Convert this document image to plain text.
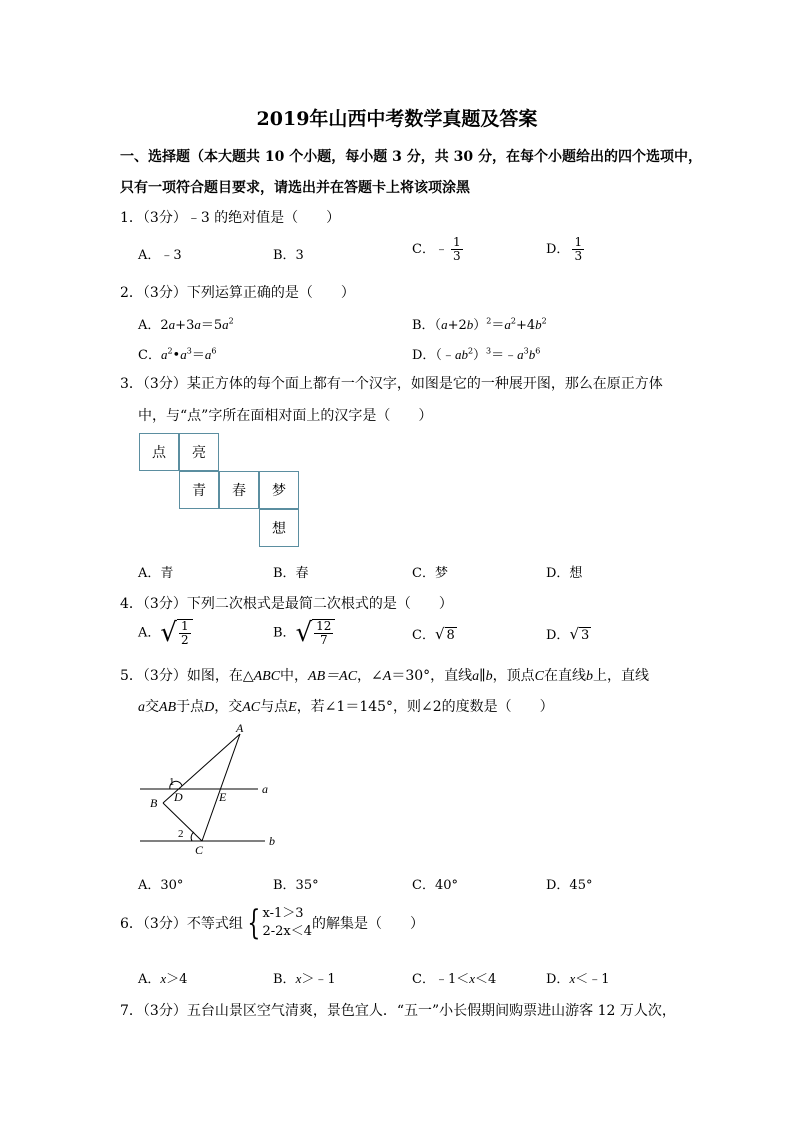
2019年山西中考数学真题及答案
一、选择题（本大题共 10 个小题，每小题 3 分，共 30 分，在每个小题给出的四个选项中，
只有一项符合题目要求，请选出并在答题卡上将该项涂黑
1．（3分）﹣3 的绝对值是（　　）
A．﹣3	B．3	C．﹣ $\frac{1}{3}$	D． $\frac{1}{3}$
2．（3分）下列运算正确的是（　　）
A．$2a+3a=5a^2$	B．$(a+2b)^2=a^2+4b^2$
C．$a^2•a^3=a^6$	D．$(﹣ab^2)^3=﹣a^3b^6$
3．（3分）某正方体的每个面上都有一个汉字，如图是它的一种展开图，那么在原正方体
中，与“点”字所在面相对面上的汉字是（　　）
点	亮
青	春	梦
想
A．青	B．春	C．梦	D．想
4．（3分）下列二次根式是最简二次根式的是（　　）
A．√ $\frac{1}{2}$	B．√ $\frac{12}{7}$	C．√ 8	D．√ 3
5．（3分）如图，在△ABC中，AB＝AC，∠A＝30°，直线a∥b，顶点C在直线b上，直线
a交AB于点D，交AC与点E，若∠1＝145°，则∠2的度数是（　　）
A
B
C
D	E
1
2
a
b
A．30°	B．35°	C．40°	D．45°
6．（3分）不等式组 { x-1＞3
2-2x＜4 的解集是（　　）
A．x＞4	B．x＞﹣1	C．﹣1＜x＜4	D．x＜﹣1
7．（3分）五台山景区空气清爽，景色宜人．“五一”小长假期间购票进山游客 12 万人次，
